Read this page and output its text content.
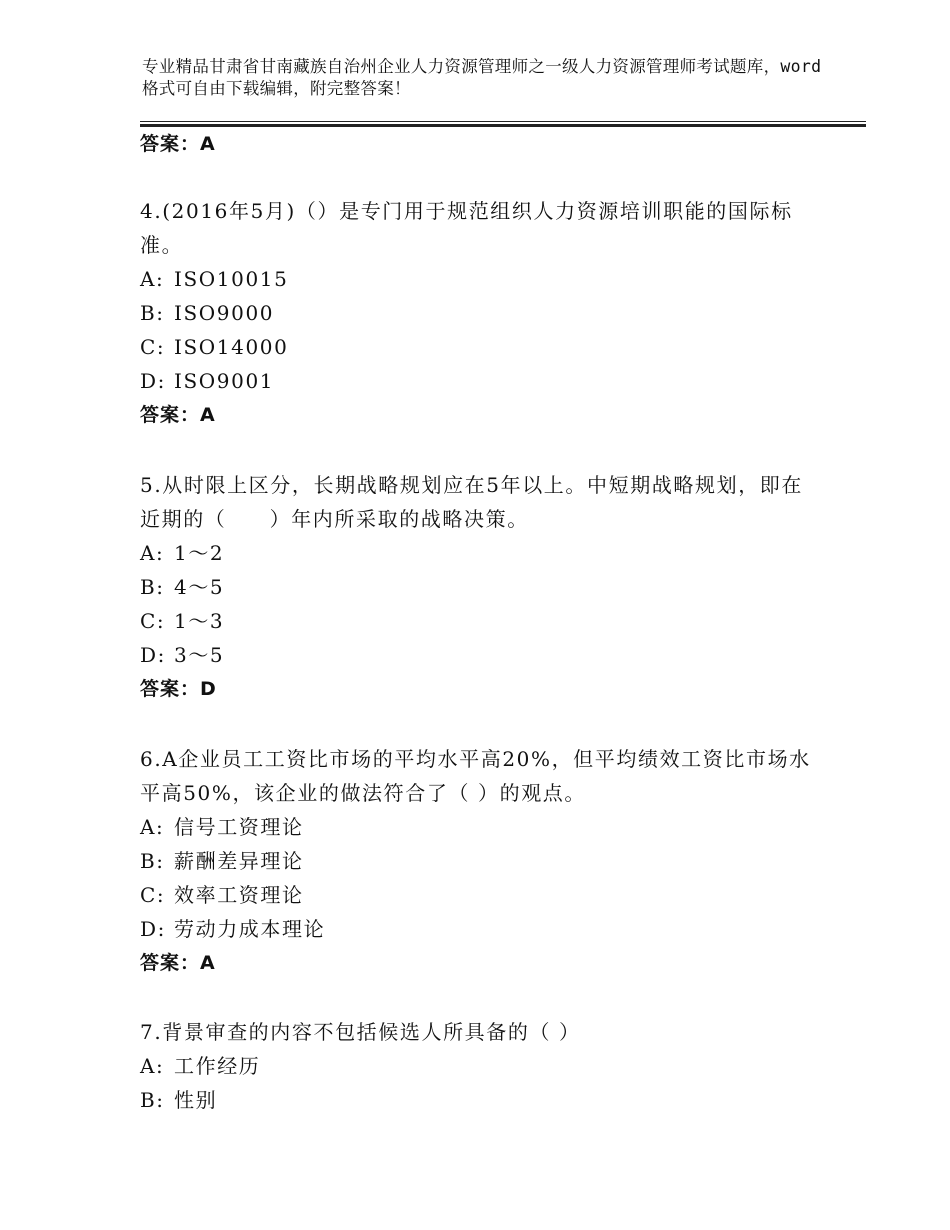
专业精品甘肃省甘南藏族自治州企业人力资源管理师之一级人力资源管理师考试题库，word格式可自由下载编辑，附完整答案！
答案：A

4.(2016年5月)（）是专门用于规范组织人力资源培训职能的国际标准。

A: ISO10015

B: ISO9000

C: ISO14000

D: ISO9001

答案：A

5.从时限上区分，长期战略规划应在5年以上。中短期战略规划，即在近期的（　　）年内所采取的战略决策。

A: 1～2

B: 4～5

C: 1～3

D: 3～5

答案：D

6.A企业员工工资比市场的平均水平高20%，但平均绩效工资比市场水平高50%，该企业的做法符合了（ ）的观点。

A: 信号工资理论

B: 薪酬差异理论

C: 效率工资理论

D: 劳动力成本理论

答案：A

7.背景审查的内容不包括候选人所具备的（ ）

A: 工作经历

B: 性别
